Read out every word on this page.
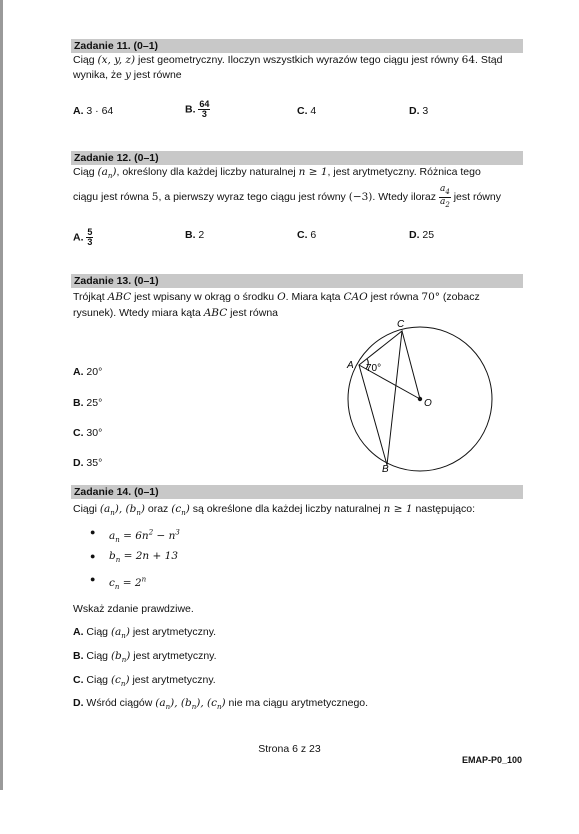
Zadanie 11. (0–1)
Ciąg (x, y, z) jest geometryczny. Iloczyn wszystkich wyrazów tego ciągu jest równy 64. Stąd
wynika, że y jest równe
A. 3 · 64	B. $\frac{64}{3}$	C. 4	D. 3
Zadanie 12. (0–1)
Ciąg $(a_n)$, określony dla każdej liczby naturalnej n ≥ 1, jest arytmetyczny. Różnica tego
ciągu jest równa 5, a pierwszy wyraz tego ciągu jest równy (−3). Wtedy iloraz $\frac{a_4}{a_2}$ jest równy
A. $\frac{5}{3}$	B. 2	C. 6	D. 25
Zadanie 13. (0–1)
Trójkąt ABC jest wpisany w okrąg o środku O. Miara kąta CAO jest równa 70° (zobacz
rysunek). Wtedy miara kąta ABC jest równa
A. 20°
B. 25°
C. 30°
D. 35°
A
C
B
O
70°
Zadanie 14. (0–1)
Ciągi $(a_n)$, $(b_n)$ oraz $(c_n)$ są określone dla każdej liczby naturalnej n ≥ 1 następująco:
● $a_n = 6n^2 - n^3$
● $b_n = 2n + 13$
● $c_n = 2^n$
Wskaż zdanie prawdziwe.
A. Ciąg $(a_n)$ jest arytmetyczny.
B. Ciąg $(b_n)$ jest arytmetyczny.
C. Ciąg $(c_n)$ jest arytmetyczny.
D. Wśród ciągów $(a_n)$, $(b_n)$, $(c_n)$ nie ma ciągu arytmetycznego.
Strona 6 z 23
EMAP-P0_100
